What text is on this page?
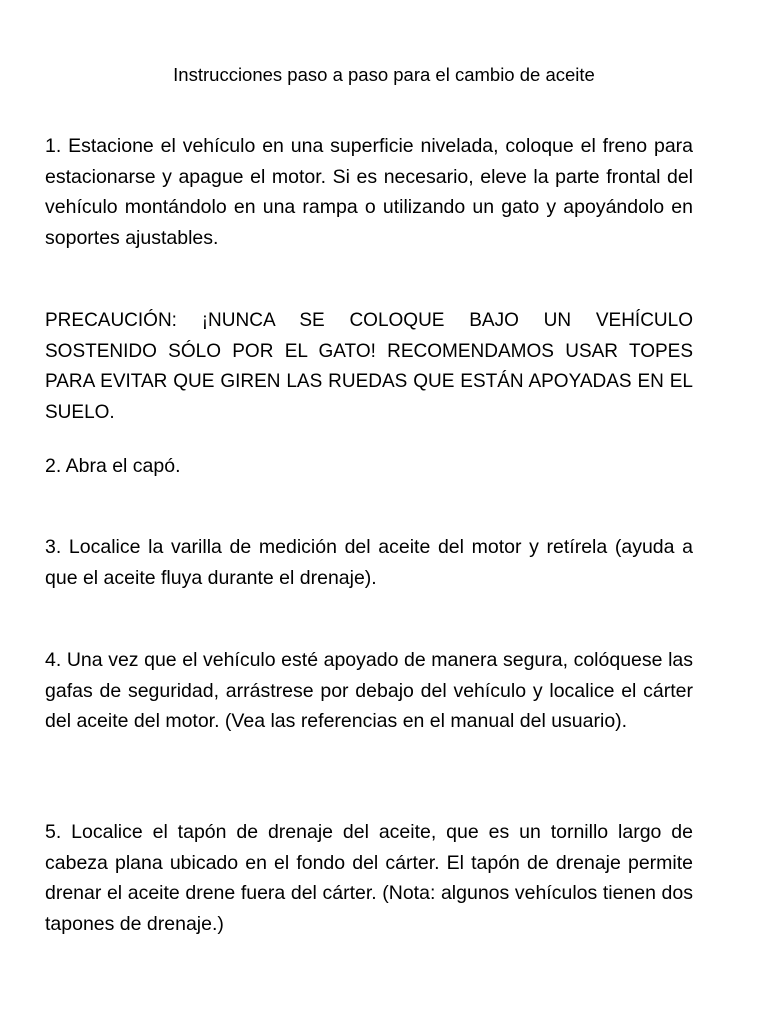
Instrucciones paso a paso para el cambio de aceite

1. Estacione el vehículo en una superficie nivelada, coloque el freno para estacionarse y apague el motor. Si es necesario, eleve la parte frontal del vehículo montándolo en una rampa o utilizando un gato y apoyándolo en soportes ajustables.

PRECAUCIÓN: ¡NUNCA SE COLOQUE BAJO UN VEHÍCULO SOSTENIDO SÓLO POR EL GATO! RECOMENDAMOS USAR TOPES PARA EVITAR QUE GIREN LAS RUEDAS QUE ESTÁN APOYADAS EN EL SUELO.

2. Abra el capó.

3. Localice la varilla de medición del aceite del motor y retírela (ayuda a que el aceite fluya durante el drenaje).

4. Una vez que el vehículo esté apoyado de manera segura, colóquese las gafas de seguridad, arrástrese por debajo del vehículo y localice el cárter del aceite del motor. (Vea las referencias en el manual del usuario).

5. Localice el tapón de drenaje del aceite, que es un tornillo largo de cabeza plana ubicado en el fondo del cárter. El tapón de drenaje permite drenar el aceite drene fuera del cárter. (Nota: algunos vehículos tienen dos tapones de drenaje.)
